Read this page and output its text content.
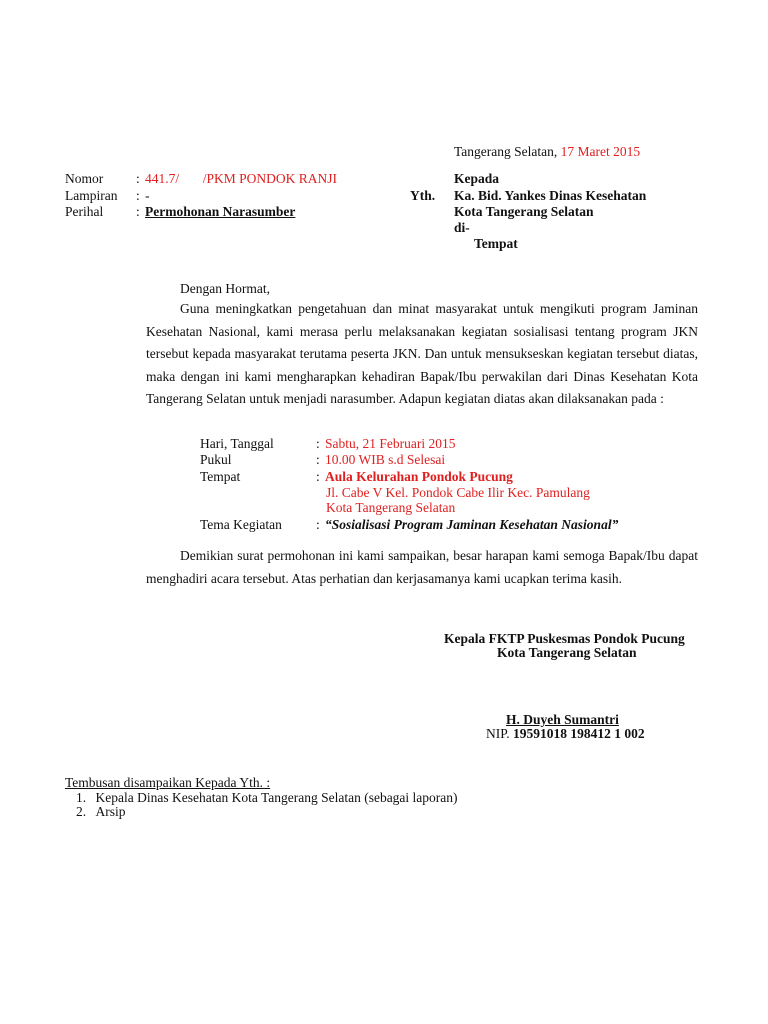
Tangerang Selatan, 17 Maret 2015
Nomor : 441.7/       /PKM PONDOK RANJI
Lampiran : -
Perihal : Permohonan Narasumber
Kepada
Yth. Ka. Bid. Yankes Dinas Kesehatan
Kota Tangerang Selatan
di-
Tempat
Dengan Hormat,

Guna meningkatkan pengetahuan dan minat masyarakat untuk mengikuti program Jaminan Kesehatan Nasional, kami merasa perlu melaksanakan kegiatan sosialisasi tentang program JKN tersebut kepada masyarakat terutama peserta JKN. Dan untuk mensukseskan kegiatan tersebut diatas, maka dengan ini kami mengharapkan kehadiran Bapak/Ibu perwakilan dari Dinas Kesehatan Kota Tangerang Selatan untuk menjadi narasumber. Adapun kegiatan diatas akan dilaksanakan pada :

Hari, Tanggal	: Sabtu, 21 Februari 2015
Pukul	: 10.00 WIB s.d Selesai
Tempat	: Aula Kelurahan Pondok Pucung
Jl. Cabe V Kel. Pondok Cabe Ilir Kec. Pamulang
Kota Tangerang Selatan
Tema Kegiatan	: “Sosialisasi Program Jaminan Kesehatan Nasional”

Demikian surat permohonan ini kami sampaikan, besar harapan kami semoga Bapak/Ibu dapat menghadiri acara tersebut. Atas perhatian dan kerjasamanya kami ucapkan terima kasih.

Kepala FKTP Puskesmas Pondok Pucung
Kota Tangerang Selatan
H. Duyeh Sumantri
NIP. 19591018 198412 1 002
Tembusan disampaikan Kepada Yth. :
1. Kepala Dinas Kesehatan Kota Tangerang Selatan (sebagai laporan)
2. Arsip
